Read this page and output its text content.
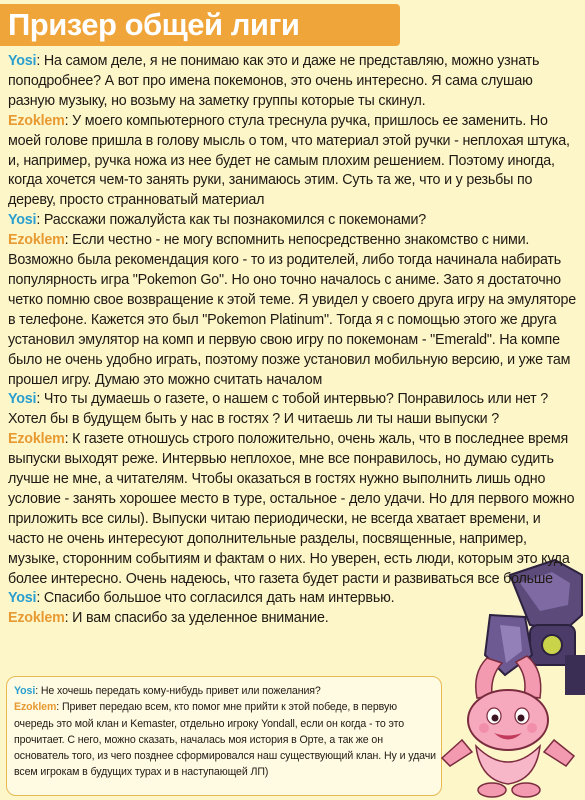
Призер общей лиги

Yosi: На самом деле, я не понимаю как это и даже не представляю, можно узнать поподробнее? А вот про имена покемонов, это очень интересно. Я сама слушаю разную музыку, но возьму на заметку группы которые ты скинул.

Ezoklem: У моего компьютерного стула треснула ручка, пришлось ее заменить. Но моей голове пришла в голову мысль о том, что материал этой ручки - неплохая штука, и, например, ручка ножа из нее будет не самым плохим решением. Поэтому иногда, когда хочется чем-то занять руки, занимаюсь этим. Суть та же, что и у резьбы по дереву, просто странноватый материал

Yosi: Расскажи пожалуйста как ты познакомился с покемонами?

Ezoklem: Если честно - не могу вспомнить непосредственно знакомство с ними. Возможно была рекомендация кого - то из родителей, либо тогда начинала набирать популярность игра "Pokemon Go". Но оно точно началось с аниме. Зато я достаточно четко помню свое возвращение к этой теме. Я увидел у своего друга игру на эмуляторе в телефоне. Кажется это был "Pokemon Platinum". Тогда я с помощью этого же друга установил эмулятор на комп и первую свою игру по покемонам - "Emerald". На компе было не очень удобно играть, поэтому позже установил мобильную версию, и уже там прошел игру. Думаю это можно считать началом

Yosi: Что ты думаешь о газете, о нашем с тобой интервью? Понравилось или нет ? Хотел бы в будущем быть у нас в гостях ? И читаешь ли ты наши выпуски ?

Ezoklem: К газете отношусь строго положительно, очень жаль, что в последнее время выпуски выходят реже. Интервью неплохое, мне все понравилось, но думаю судить лучше не мне, а читателям. Чтобы оказаться в гостях нужно выполнить лишь одно условие - занять хорошее место в туре, остальное - дело удачи. Но для первого можно приложить все силы). Выпуски читаю периодически, не всегда хватает времени, и часто не очень интересуют дополнительные разделы, посвященные, например, музыке, сторонним событиям и фактам о них. Но уверен, есть люди, которым это куда более интересно. Очень надеюсь, что газета будет расти и развиваться все больше

Yosi: Спасибо большое что согласился дать нам интервью.

Ezoklem: И вам спасибо за уделенное внимание.

Yosi: Не хочешь передать кому-нибудь привет или пожелания?

Ezoklem: Привет передаю всем, кто помог мне прийти к этой победе, в первую очередь это мой клан и Kemaster, отдельно игроку Yondall, если он когда - то это прочитает. С него, можно сказать, началась моя история в Орте, а так же он основатель того, из чего позднее сформировался наш существующий клан. Ну и удачи всем игрокам в будущих турах и в наступающей ЛП)
